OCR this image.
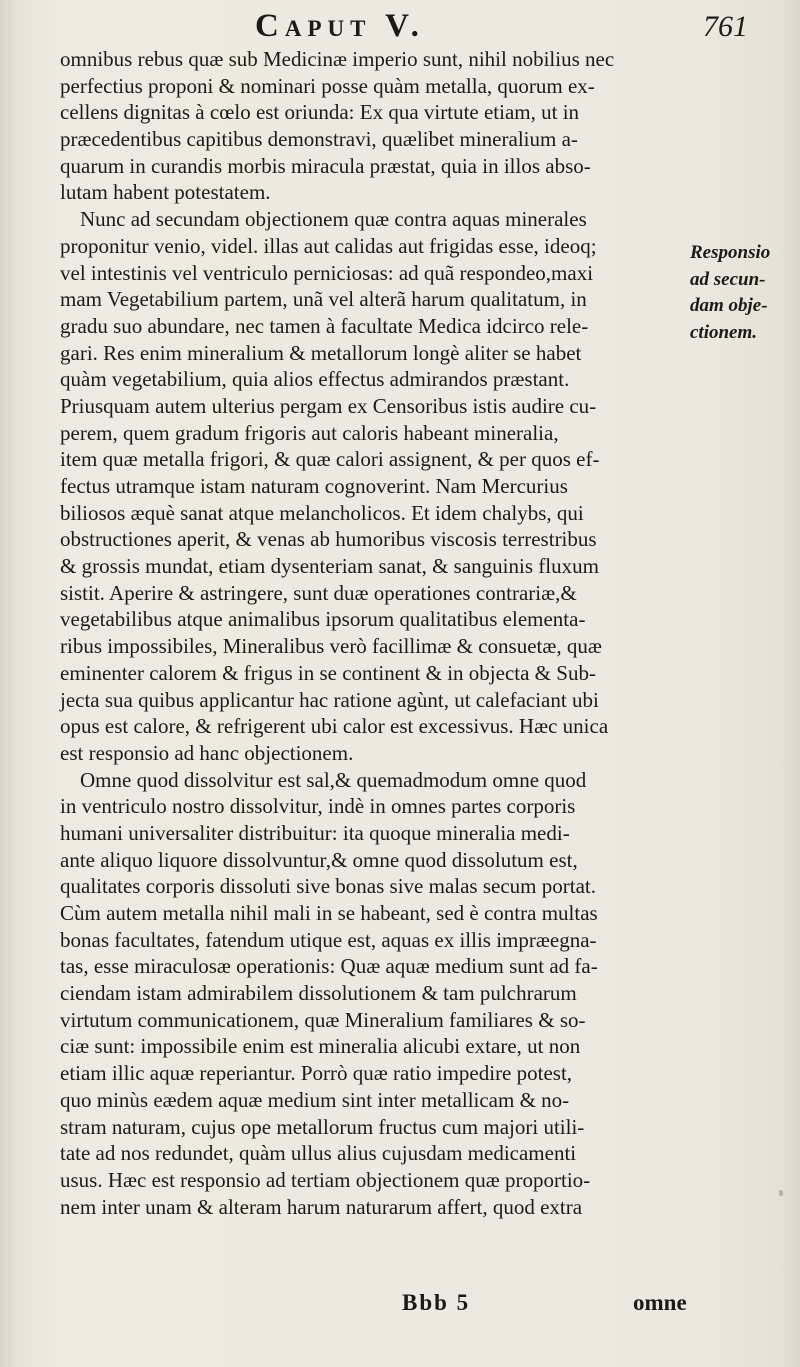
Caput V.	761
omnibus rebus quæ sub Medicinæ imperio sunt, nihil nobilius nec
perfectius proponi & nominari posse quàm metalla, quorum ex-
cellens dignitas à cœlo est oriunda: Ex qua virtute etiam, ut in
præcedentibus capitibus demonstravi, quælibet mineralium a-
quarum in curandis morbis miracula præstat, quia in illos abso-
lutam habent potestatem.
Nunc ad secundam objectionem quæ contra aquas minerales
proponitur venio, videl. illas aut calidas aut frigidas esse, ideoq;
vel intestinis vel ventriculo perniciosas: ad quã respondeo,maxi
mam Vegetabilium partem, unã vel alterã harum qualitatum, in
gradu suo abundare, nec tamen à facultate Medica idcirco rele-
gari. Res enim mineralium & metallorum longè aliter se habet
quàm vegetabilium, quia alios effectus admirandos præstant.
Priusquam autem ulterius pergam ex Censoribus istis audire cu-
perem, quem gradum frigoris aut caloris habeant mineralia,
item quæ metalla frigori, & quæ calori assignent, & per quos ef-
fectus utramque istam naturam cognoverint. Nam Mercurius
biliosos æquè sanat atque melancholicos. Et idem chalybs, qui
obstructiones aperit, & venas ab humoribus viscosis terrestribus
& grossis mundat, etiam dysenteriam sanat, & sanguinis fluxum
sistit. Aperire & astringere, sunt duæ operationes contrariæ,&
vegetabilibus atque animalibus ipsorum qualitatibus elementa-
ribus impossibiles, Mineralibus verò facillimæ & consuetæ, quæ
eminenter calorem & frigus in se continent & in objecta & Sub-
jecta sua quibus applicantur hac ratione agùnt, ut calefaciant ubi
opus est calore, & refrigerent ubi calor est excessivus. Hæc unica
est responsio ad hanc objectionem.
Omne quod dissolvitur est sal,& quemadmodum omne quod
in ventriculo nostro dissolvitur, indè in omnes partes corporis
humani universaliter distribuitur: ita quoque mineralia medi-
ante aliquo liquore dissolvuntur,& omne quod dissolutum est,
qualitates corporis dissoluti sive bonas sive malas secum portat.
Cùm autem metalla nihil mali in se habeant, sed è contra multas
bonas facultates, fatendum utique est, aquas ex illis impræegna-
tas, esse miraculosæ operationis: Quæ aquæ medium sunt ad fa-
ciendam istam admirabilem dissolutionem & tam pulchrarum
virtutum communicationem, quæ Mineralium familiares & so-
ciæ sunt: impossibile enim est mineralia alicubi extare, ut non
etiam illic aquæ reperiantur. Porrò quæ ratio impedire potest,
quo minùs eædem aquæ medium sint inter metallicam & no-
stram naturam, cujus ope metallorum fructus cum majori utili-
tate ad nos redundet, quàm ullus alius cujusdam medicamenti
usus. Hæc est responsio ad tertiam objectionem quæ proportio-
nem inter unam & alteram harum naturarum affert, quod extra
Responsio
ad secun-
dam obje-
ctionem.
Bbb 5	omne
